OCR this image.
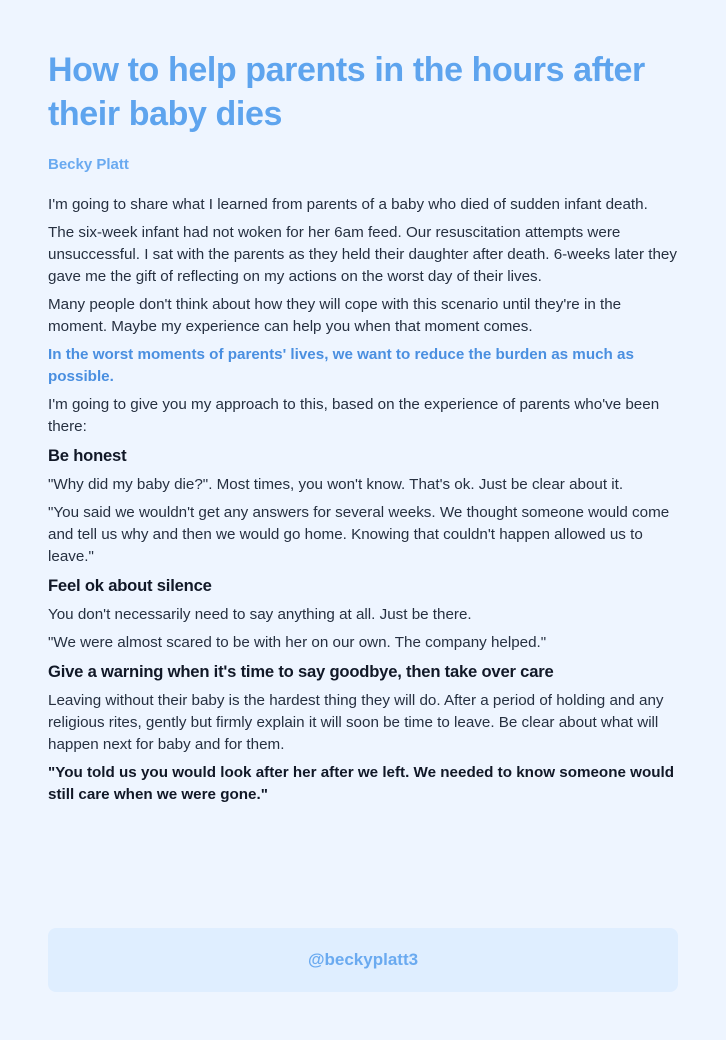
How to help parents in the hours after their baby dies
Becky Platt

I'm going to share what I learned from parents of a baby who died of sudden infant death.

The six-week infant had not woken for her 6am feed. Our resuscitation attempts were unsuccessful. I sat with the parents as they held their daughter after death. 6-weeks later they gave me the gift of reflecting on my actions on the worst day of their lives.

Many people don't think about how they will cope with this scenario until they're in the moment. Maybe my experience can help you when that moment comes.

In the worst moments of parents' lives, we want to reduce the burden as much as possible.

I'm going to give you my approach to this, based on the experience of parents who've been there:

Be honest

"Why did my baby die?". Most times, you won't know. That's ok. Just be clear about it.

"You said we wouldn't get any answers for several weeks. We thought someone would come and tell us why and then we would go home. Knowing that couldn't happen allowed us to leave."

Feel ok about silence

You don't necessarily need to say anything at all. Just be there.

"We were almost scared to be with her on our own. The company helped."

Give a warning when it's time to say goodbye, then take over care

Leaving without their baby is the hardest thing they will do. After a period of holding and any religious rites, gently but firmly explain it will soon be time to leave. Be clear about what will happen next for baby and for them.

"You told us you would look after her after we left. We needed to know someone would still care when we were gone."

@beckyplatt3
